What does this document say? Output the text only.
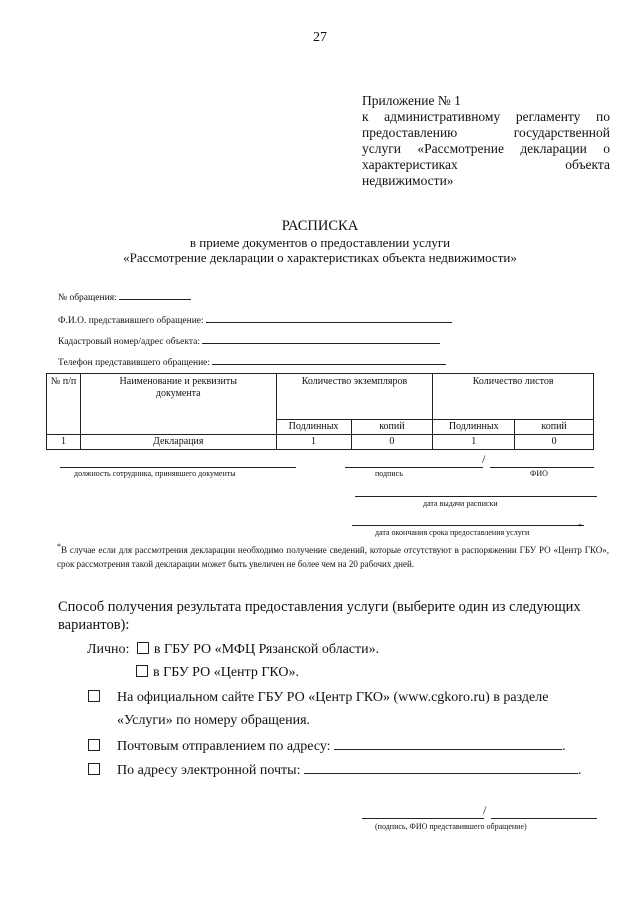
27
Приложение № 1
к административному регламенту по
предоставлению государственной
услуги «Рассмотрение декларации о
характеристиках объекта
недвижимости»
РАСПИСКА
в приеме документов о предоставлении услуги
«Рассмотрение декларации о характеристиках объекта недвижимости»
№ обращения:
Ф.И.О. представившего обращение:
Кадастровый номер/адрес объекта:
Телефон представившего обращение:
№ п/п	Наименование и реквизиты документа	Количество экземпляров		Количество листов	
		Подлинных	копий	Подлинных	копий
1	Декларация	1	0	1	0
должность сотрудника, принявшего документы
/
подпись	ФИО
дата выдачи расписки
дата окончания срока предоставления услуги
*
*В случае если для рассмотрения декларации необходимо получение сведений, которые отсутствуют в распоряжении ГБУ РО «Центр ГКО», срок рассмотрения такой декларации может быть увеличен не более чем на 20 рабочих дней.
Способ получения результата предоставления услуги (выберите один из следующих вариантов):
Лично: в ГБУ РО «МФЦ Рязанской области».
в ГБУ РО «Центр ГКО».
На официальном сайте ГБУ РО «Центр ГКО» (www.cgkoro.ru) в разделе
«Услуги» по номеру обращения.
Почтовым отправлением по адресу:	.
По адресу электронной почты:	.
/
(подпись, ФИО представившего обращение)
